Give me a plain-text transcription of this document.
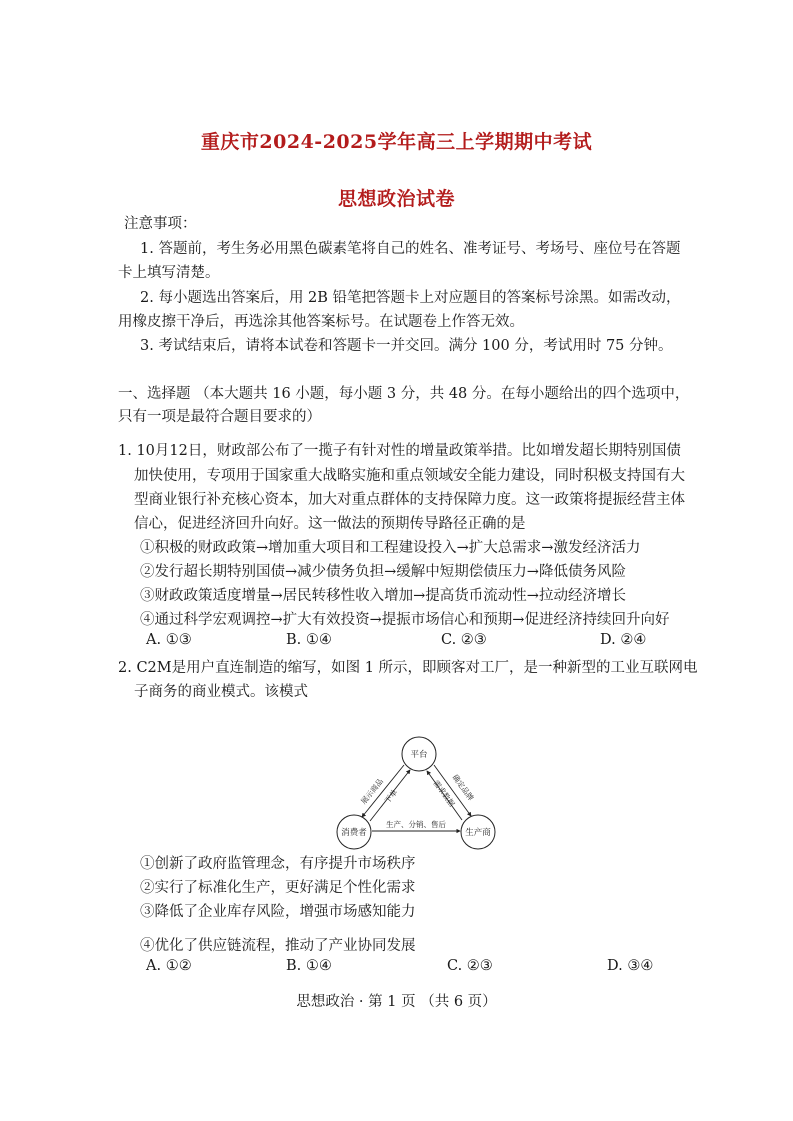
重庆市2024-2025学年高三上学期期中考试
思想政治试卷
注意事项：
1. 答题前，考生务必用黑色碳素笔将自己的姓名、准考证号、考场号、座位号在答题
卡上填写清楚。
2. 每小题选出答案后，用 2B 铅笔把答题卡上对应题目的答案标号涂黑。如需改动，
用橡皮擦干净后，再选涂其他答案标号。在试题卷上作答无效。
3. 考试结束后，请将本试卷和答题卡一并交回。满分 100 分，考试用时 75 分钟。
一、选择题 （本大题共 16 小题，每小题 3 分，共 48 分。在每小题给出的四个选项中，
只有一项是最符合题目要求的）
1. 10月12日，财政部公布了一揽子有针对性的增量政策举措。比如增发超长期特别国债
加快使用，专项用于国家重大战略实施和重点领域安全能力建设，同时积极支持国有大
型商业银行补充核心资本，加大对重点群体的支持保障力度。这一政策将提振经营主体
信心，促进经济回升向好。这一做法的预期传导路径正确的是
①积极的财政政策→增加重大项目和工程建设投入→扩大总需求→激发经济活力
②发行超长期特别国债→减少债务负担→缓解中短期偿债压力→降低债务风险
③财政政策适度增量→居民转移性收入增加→提高货币流动性→拉动经济增长
④通过科学宏观调控→扩大有效投资→提振市场信心和预期→促进经济持续回升向好
A. ①③	B. ①④	C. ②③	D. ②④
2. C2M是用户直连制造的缩写，如图 1 所示，即顾客对工厂，是一种新型的工业互联网电
子商务的商业模式。该模式
平台
消费者	生产商
展示商品
下单	确定品牌
需求数据
生产、分销、售后
①创新了政府监管理念，有序提升市场秩序
②实行了标准化生产，更好满足个性化需求
③降低了企业库存风险，增强市场感知能力
④优化了供应链流程，推动了产业协同发展
A. ①②	B. ①④	C. ②③	D. ③④
思想政治 · 第 1 页 （共 6 页）
